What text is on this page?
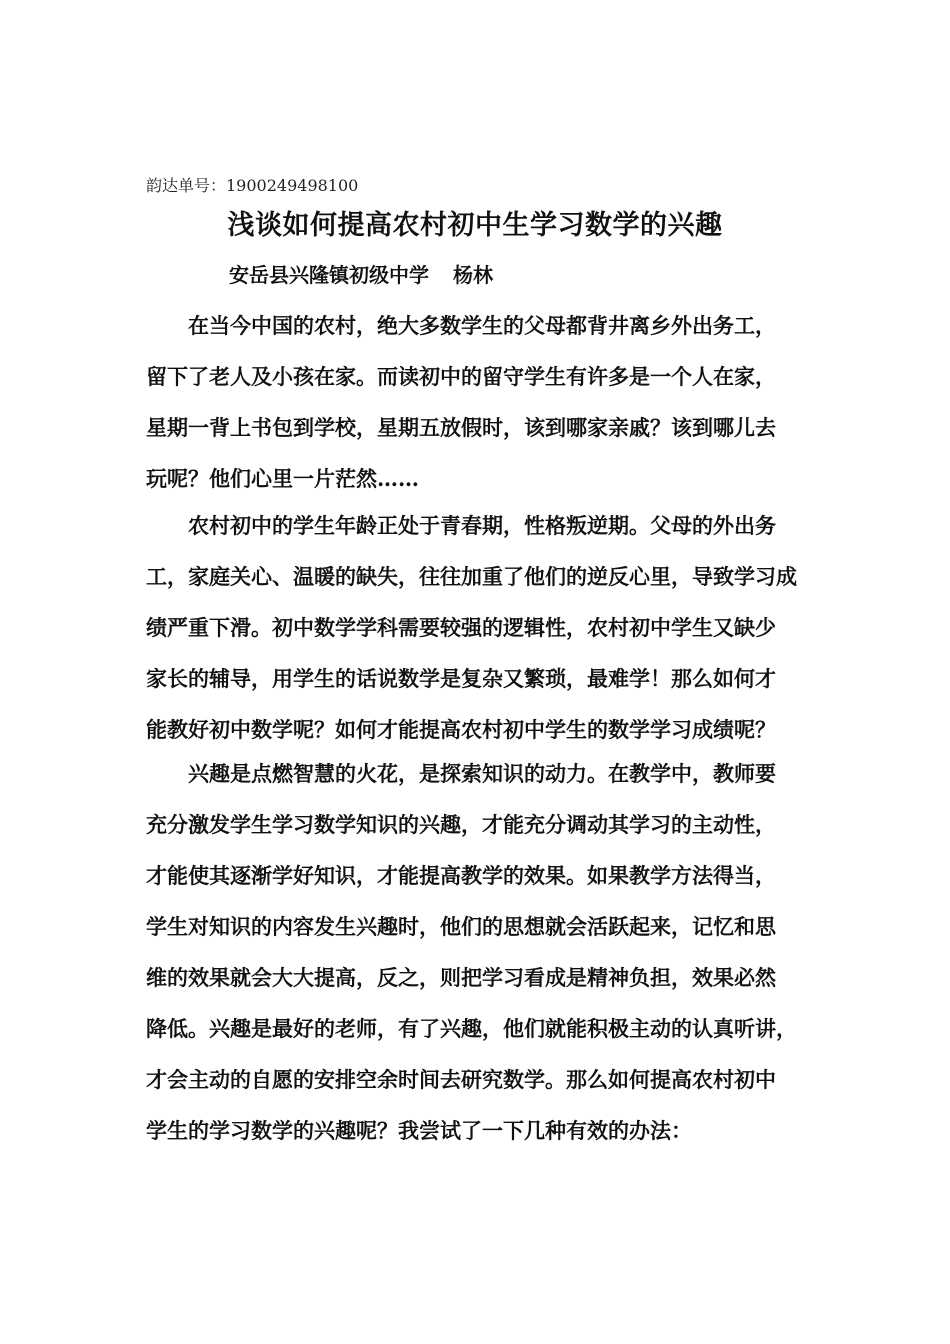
韵达单号：1900249498100
浅谈如何提高农村初中生学习数学的兴趣
安岳县兴隆镇初级中学 杨林
在当今中国的农村，绝大多数学生的父母都背井离乡外出务工，
留下了老人及小孩在家。而读初中的留守学生有许多是一个人在家，
星期一背上书包到学校，星期五放假时，该到哪家亲戚？该到哪儿去
玩呢？他们心里一片茫然……
农村初中的学生年龄正处于青春期，性格叛逆期。父母的外出务
工，家庭关心、温暖的缺失，往往加重了他们的逆反心里，导致学习成
绩严重下滑。初中数学学科需要较强的逻辑性，农村初中学生又缺少
家长的辅导，用学生的话说数学是复杂又繁琐，最难学！那么如何才
能教好初中数学呢？如何才能提高农村初中学生的数学学习成绩呢？
兴趣是点燃智慧的火花，是探索知识的动力。在教学中，教师要
充分激发学生学习数学知识的兴趣，才能充分调动其学习的主动性，
才能使其逐渐学好知识，才能提高教学的效果。如果教学方法得当，
学生对知识的内容发生兴趣时，他们的思想就会活跃起来，记忆和思
维的效果就会大大提高，反之，则把学习看成是精神负担，效果必然
降低。兴趣是最好的老师，有了兴趣，他们就能积极主动的认真听讲，
才会主动的自愿的安排空余时间去研究数学。那么如何提高农村初中
学生的学习数学的兴趣呢？我尝试了一下几种有效的办法：
